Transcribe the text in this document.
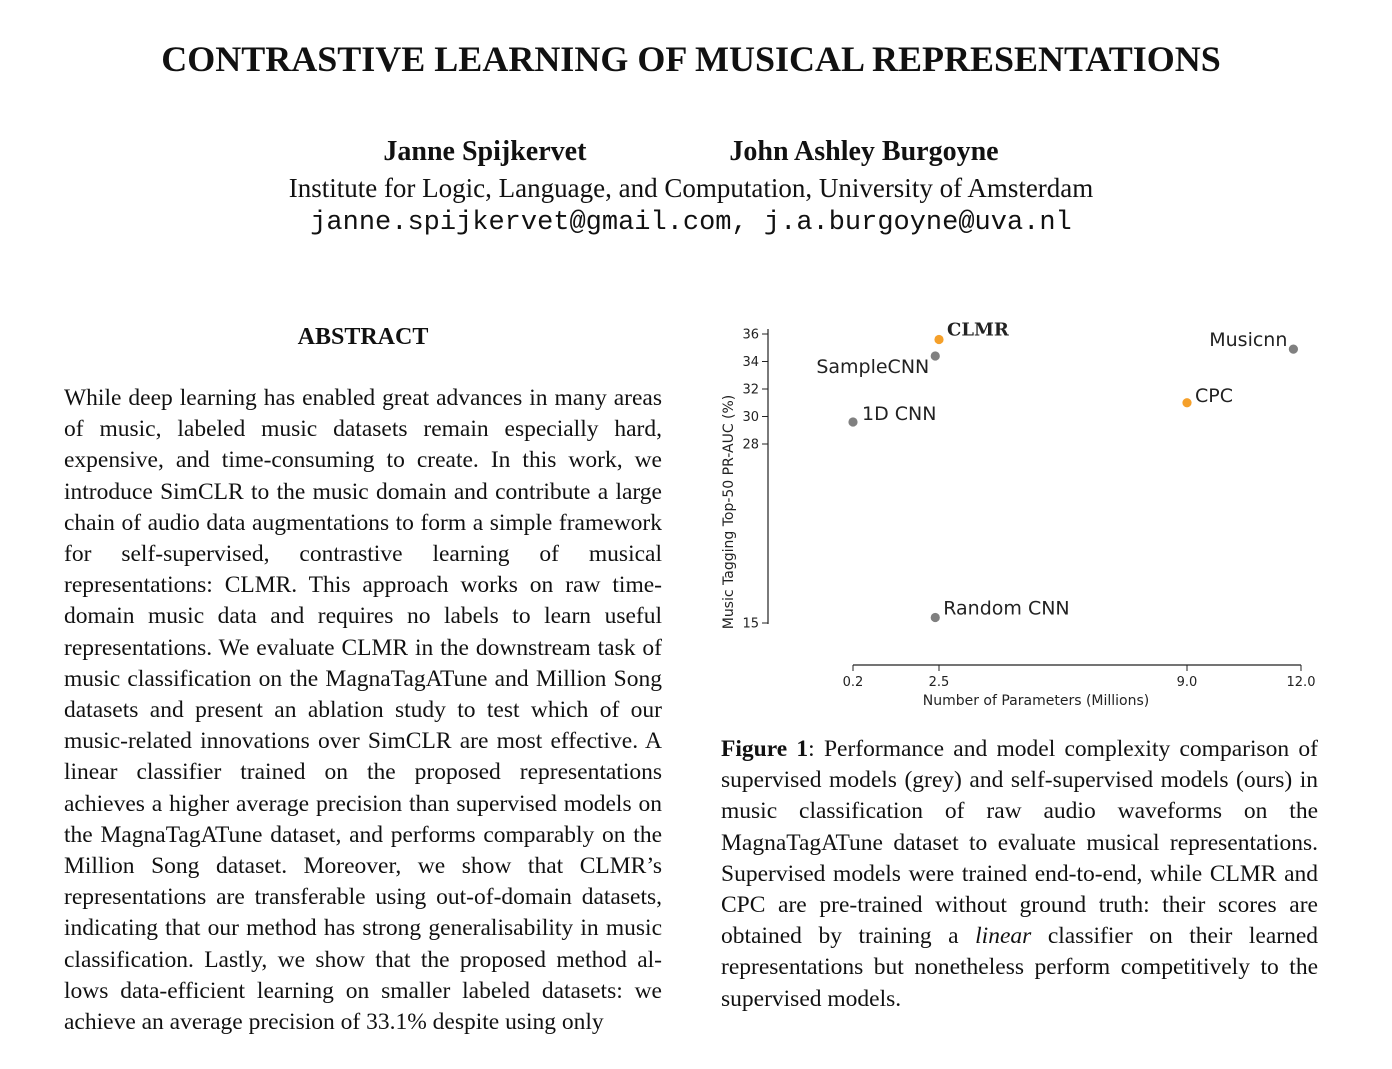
CONTRASTIVE LEARNING OF MUSICAL REPRESENTATIONS
Janne Spijkervet	John Ashley Burgoyne
Institute for Logic, Language, and Computation, University of Amsterdam
janne.spijkervet@gmail.com, j.a.burgoyne@uva.nl
ABSTRACT
While deep learning has enabled great advances in many areas of music, labeled music datasets remain especially hard, expensive, and time-consuming to create. In this work, we introduce SimCLR to the music domain and contribute a large chain of audio data augmentations to form a simple framework for self-supervised, contrastive learning of musical representations: CLMR. This approach works on raw time-domain music data and requires no labels to learn useful representations. We evaluate CLMR in the downstream task of music classification on the MagnaTagATune and Million Song datasets and present an ablation study to test which of our music-related innovations over SimCLR are most effective. A linear classifier trained on the proposed representations achieves a higher average precision than supervised models on the MagnaTagATune dataset, and performs comparably on the Million Song dataset. Moreover, we show that CLMR’s representations are transferable using out-of-domain datasets, indicating that our method has strong generalisability in music classification. Lastly, we show that the proposed method allows data-efficient learning on smaller labeled datasets: we achieve an average precision of 33.1% despite using only
15
28
30
32
34
36
0.2	2.5	9.0	12.0
CLMR
SampleCNN
1D CNN
Random CNN
CPC
Musicnn
Number of Parameters (Millions)
Music Tagging Top-50 PR-AUC (%)
Figure 1: Performance and model complexity comparison of supervised models (grey) and self-supervised models (ours) in music classification of raw audio waveforms on the MagnaTagATune dataset to evaluate musical representations. Supervised models were trained end-to-end, while CLMR and CPC are pre-trained without ground truth: their scores are obtained by training a linear classifier on their learned representations but nonetheless perform competitively to the supervised models.
